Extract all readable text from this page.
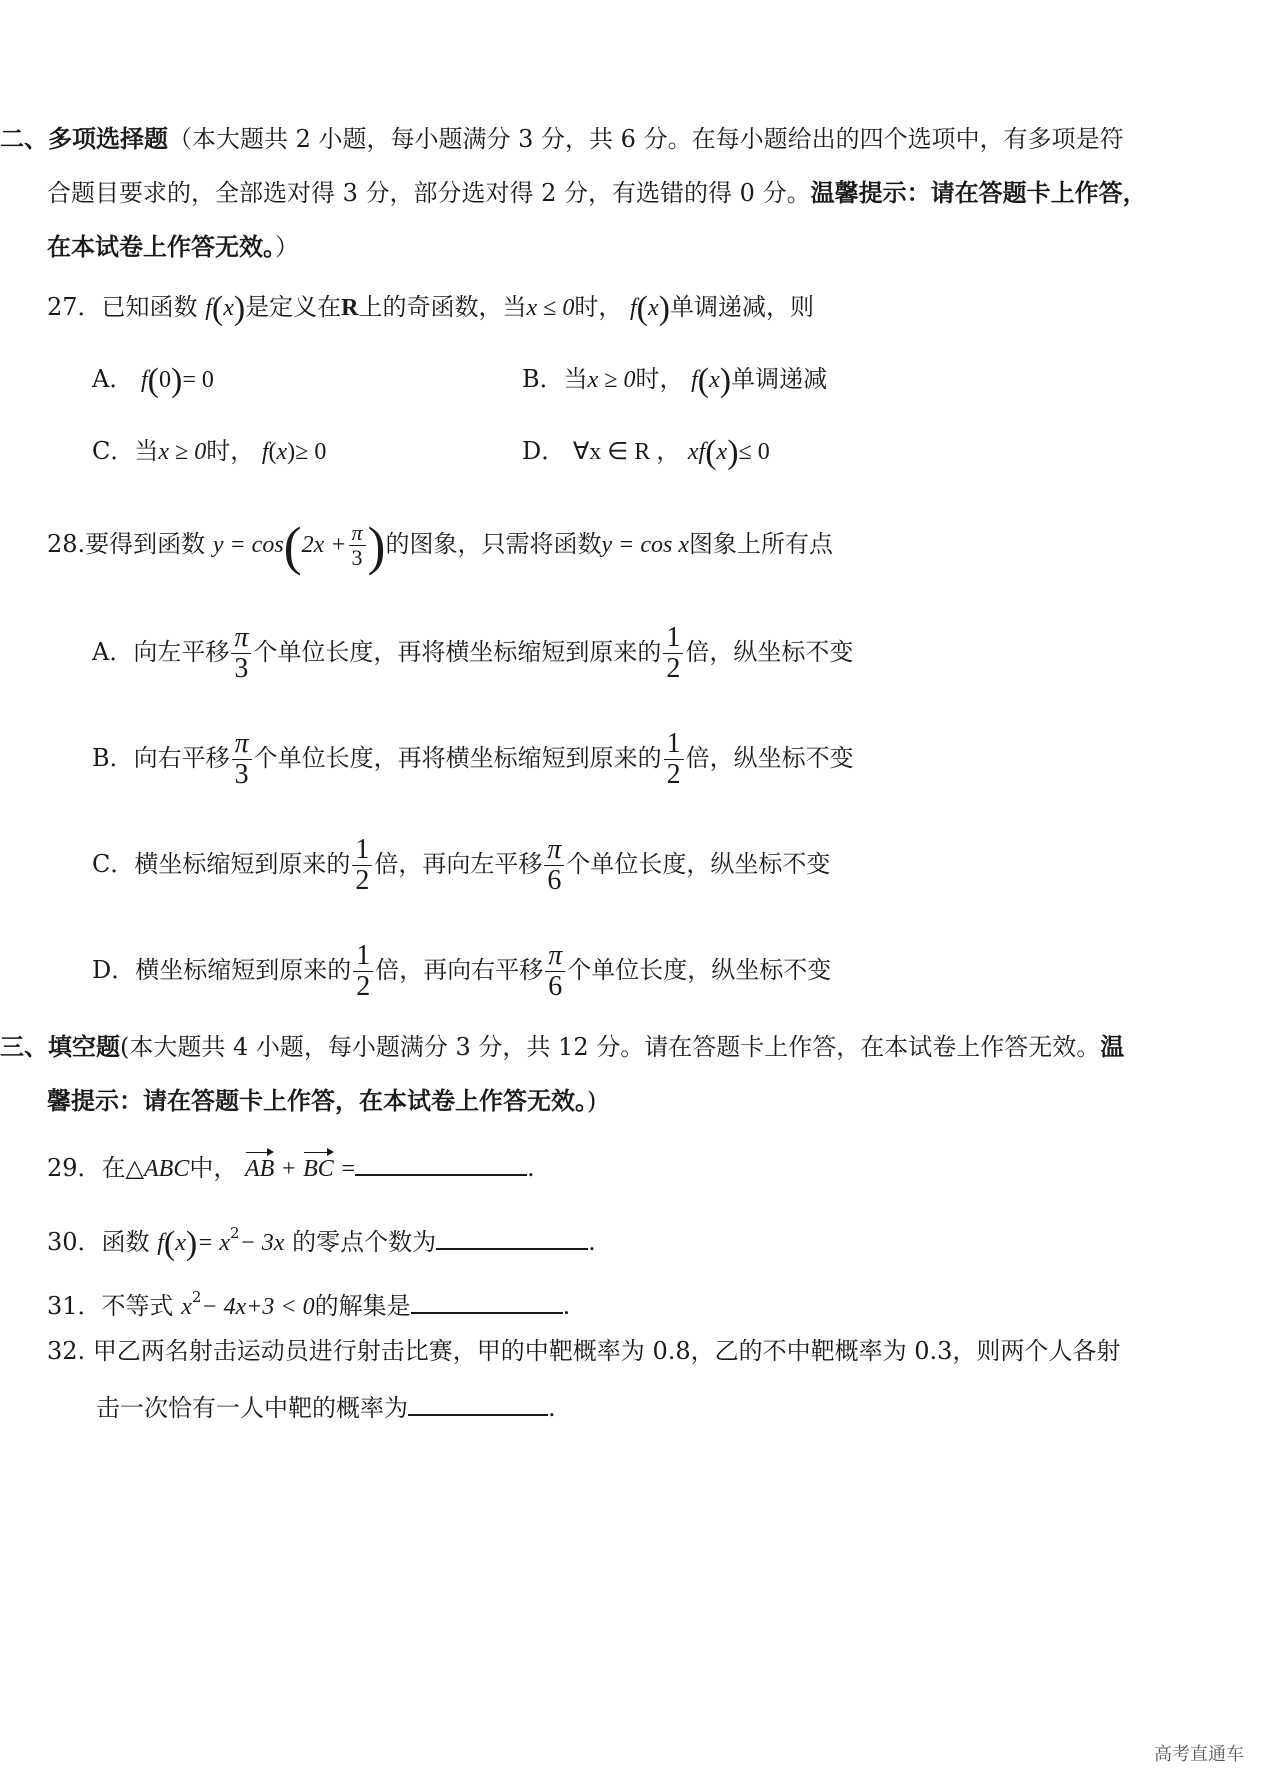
二、多项选择题（本大题共 2 小题，每小题满分 3 分，共 6 分。在每小题给出的四个选项中，有多项是符
合题目要求的，全部选对得 3 分，部分选对得 2 分，有选错的得 0 分。温馨提示：请在答题卡上作答，
在本试卷上作答无效。）
27．已知函数 f(x)是定义在R上的奇函数，当x ≤ 0时， f(x)单调递减，则
A． f(0)= 0	B．当x ≥ 0时， f(x)单调递减
C．当x ≥ 0时， f(x)≥ 0	D． ∀x ∈ R ， xf(x)≤ 0
28.要得到函数 $y = \cos(2x + \frac{\pi}{3}$ )的图象，只需将函数y = cos x图象上所有点
A．向左平移 $\frac{\pi}{3}$ 个单位长度，再将横坐标缩短到原来的 $\frac{1}{2}$ 倍，纵坐标不变
B．向右平移 $\frac{\pi}{3}$ 个单位长度，再将横坐标缩短到原来的 $\frac{1}{2}$ 倍，纵坐标不变
C．横坐标缩短到原来的 $\frac{1}{2}$ 倍，再向左平移 $\frac{\pi}{6}$ 个单位长度，纵坐标不变
D．横坐标缩短到原来的 $\frac{1}{2}$ 倍，再向右平移 $\frac{\pi}{6}$ 个单位长度，纵坐标不变
三、填空题(本大题共 4 小题，每小题满分 3 分，共 12 分。请在答题卡上作答，在本试卷上作答无效。温
馨提示：请在答题卡上作答，在本试卷上作答无效。)
29．在△ABC中， AB + BC =	.
30．函数 $f(x)= x^2- 3x$ 的零点个数为	.
31．不等式 $x^2- 4x+3 < 0$的解集是	.
32. 甲乙两名射击运动员进行射击比赛，甲的中靶概率为 0.8，乙的不中靶概率为 0.3，则两个人各射
击一次恰有一人中靶的概率为	.
高考直通车
